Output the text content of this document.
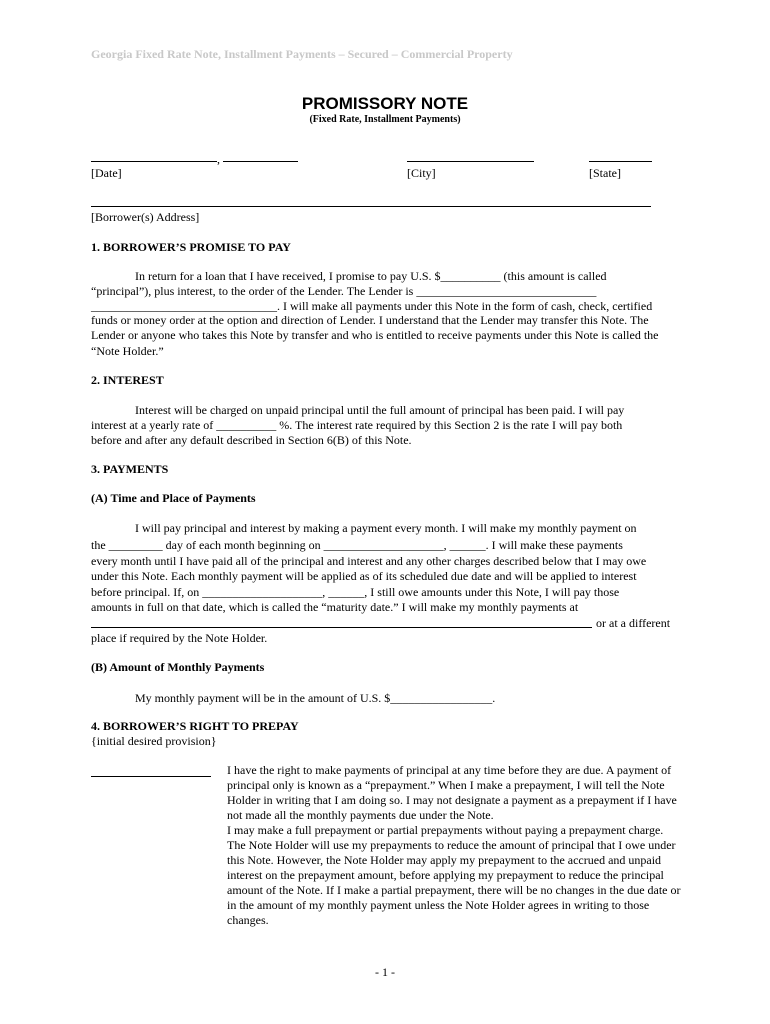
Georgia Fixed Rate Note, Installment Payments – Secured – Commercial Property
PROMISSORY NOTE
(Fixed Rate, Installment Payments)
,
[Date]	[City]	[State]
[Borrower(s) Address]
1. BORROWER’S PROMISE TO PAY
In return for a loan that I have received, I promise to pay U.S. $__________ (this amount is called
“principal”), plus interest, to the order of the Lender. The Lender is ______________________________
_______________________________. I will make all payments under this Note in the form of cash, check, certified
funds or money order at the option and direction of Lender. I understand that the Lender may transfer this Note. The Lender or anyone who takes this Note by transfer and who is entitled to receive payments under this Note is called the “Note Holder.”
2. INTEREST
Interest will be charged on unpaid principal until the full amount of principal has been paid. I will pay
interest at a yearly rate of __________ %. The interest rate required by this Section 2 is the rate I will pay both
before and after any default described in Section 6(B) of this Note.
3. PAYMENTS
(A) Time and Place of Payments
I will pay principal and interest by making a payment every month. I will make my monthly payment on
the _________ day of each month beginning on ____________________, ______. I will make these payments
every month until I have paid all of the principal and interest and any other charges described below that I may owe
under this Note. Each monthly payment will be applied as of its scheduled due date and will be applied to interest
before principal. If, on ____________________, ______, I still owe amounts under this Note, I will pay those
amounts in full on that date, which is called the “maturity date.” I will make my monthly payments at
or at a different
place if required by the Note Holder.
(B) Amount of Monthly Payments
My monthly payment will be in the amount of U.S. $_________________.
4. BORROWER’S RIGHT TO PREPAY
{initial desired provision}
I have the right to make payments of principal at any time before they are due. A payment of principal only is known as a “prepayment.” When I make a prepayment, I will tell the Note Holder in writing that I am doing so. I may not designate a payment as a prepayment if I have not made all the monthly payments due under the Note.
I may make a full prepayment or partial prepayments without paying a prepayment charge. The Note Holder will use my prepayments to reduce the amount of principal that I owe under this Note. However, the Note Holder may apply my prepayment to the accrued and unpaid interest on the prepayment amount, before applying my prepayment to reduce the principal amount of the Note. If I make a partial prepayment, there will be no changes in the due date or in the amount of my monthly payment unless the Note Holder agrees in writing to those changes.
- 1 -
